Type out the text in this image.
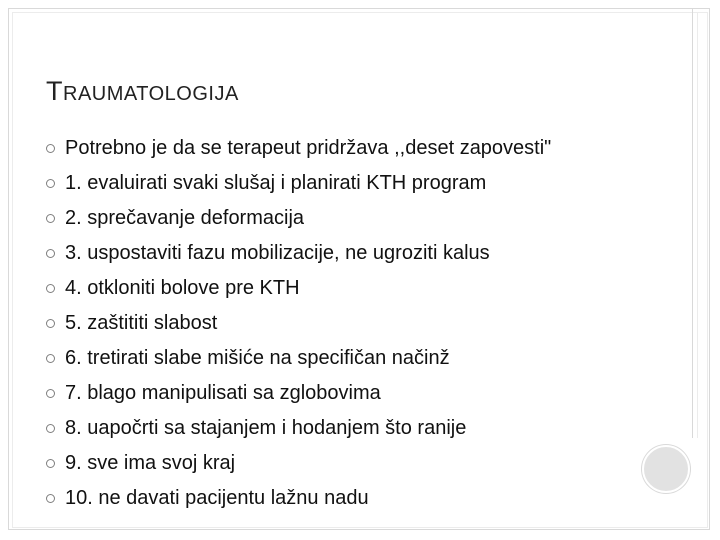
TRAUMATOLOGIJA
Potrebno je da se terapeut pridržava ,,deset zapovesti"
1. evaluirati svaki slušaj i planirati KTH program
2. sprečavanje deformacija
3. uspostaviti fazu mobilizacije, ne ugroziti kalus
4. otkloniti bolove pre KTH
5. zaštititi slabost
6. tretirati slabe mišiće na specifičan načinž
7. blago manipulisati sa zglobovima
8. uapočrti sa stajanjem i hodanjem što ranije
9. sve ima svoj kraj
10. ne davati pacijentu lažnu nadu
